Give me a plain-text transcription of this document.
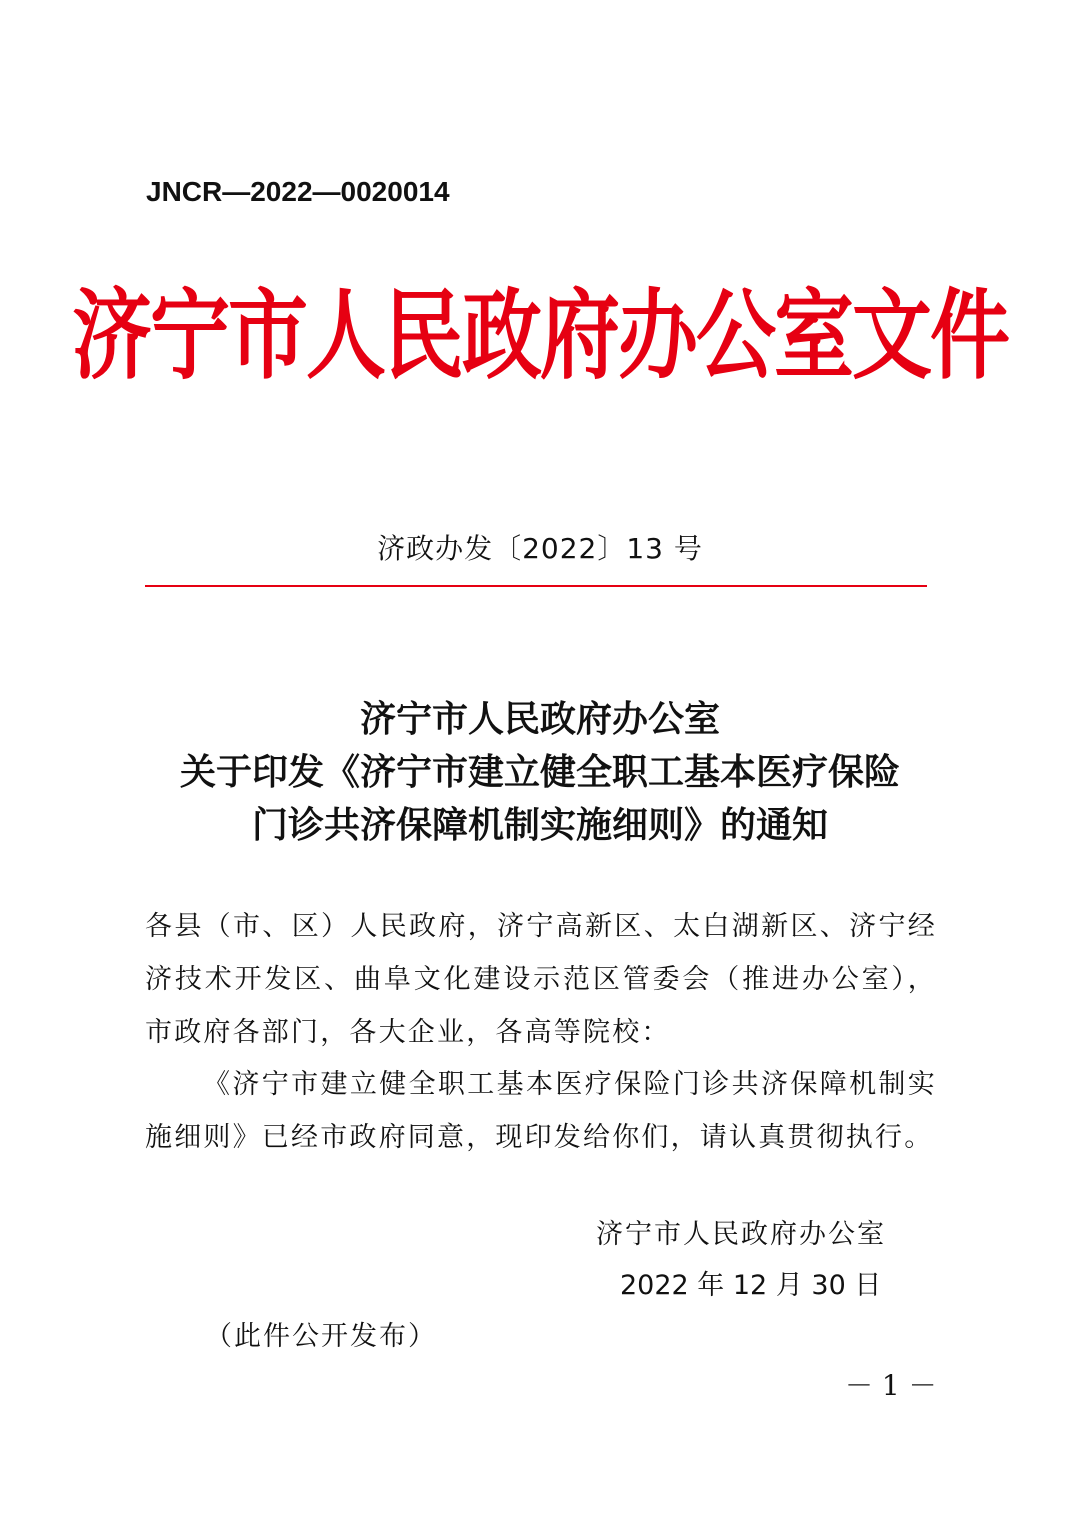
JNCR—2022—0020014
济宁市人民政府办公室文件
济政办发〔2022〕13 号
济宁市人民政府办公室
关于印发《济宁市建立健全职工基本医疗保险
门诊共济保障机制实施细则》的通知
各县（市、区）人民政府，济宁高新区、太白湖新区、济宁经济技术开发区、曲阜文化建设示范区管委会（推进办公室），市政府各部门，各大企业，各高等院校：
《济宁市建立健全职工基本医疗保险门诊共济保障机制实施细则》已经市政府同意，现印发给你们，请认真贯彻执行。
济宁市人民政府办公室
2022 年 12 月 30 日
（此件公开发布）
－ 1 －
